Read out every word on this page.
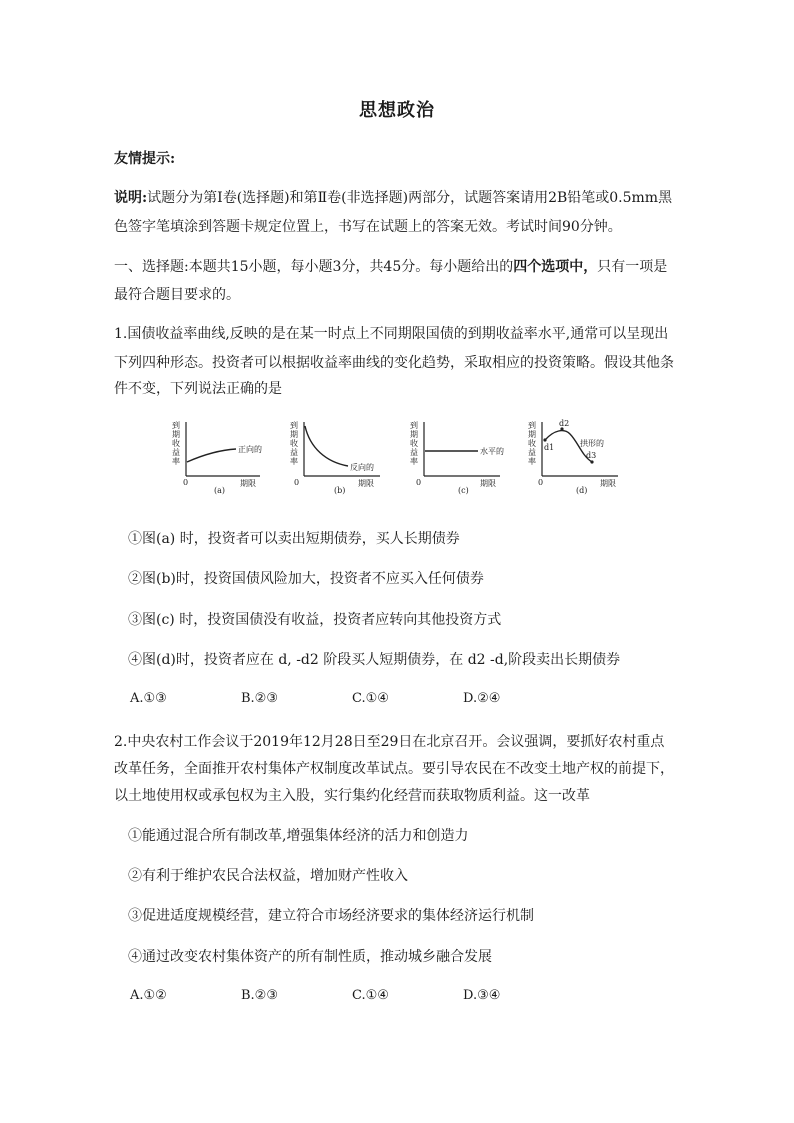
思想政治
友情提示:
说明:试题分为第Ⅰ卷(选择题)和第Ⅱ卷(非选择题)两部分，试题答案请用2B铅笔或0.5mm黑
色签字笔填涂到答题卡规定位置上，书写在试题上的答案无效。考试时间90分钟。
一、选择题:本题共15小题，每小题3分，共45分。每小题给出的四个选项中，只有一项是
最符合题目要求的。
1.国债收益率曲线,反映的是在某一时点上不同期限国债的到期收益率水平,通常可以呈现出
下列四种形态。投资者可以根据收益率曲线的变化趋势，采取相应的投资策略。假设其他条
件不变，下列说法正确的是
到
期
收
益
率
正向的
0	期限
(a)
到
期
收
益
率
反向的
0	期限
(b)
到
期
收
益
率
水平的
0	期限
(c)
到
期
收
益
率
d1
d2
d3
拱形的
0	期限
(d)
①图(a) 时，投资者可以卖出短期债券，买人长期债券
②图(b)时，投资国债风险加大，投资者不应买入任何债券
③图(c) 时，投资国债没有收益，投资者应转向其他投资方式
④图(d)时，投资者应在 d, -d2 阶段买人短期债券，在 d2 -d,阶段卖出长期债券
A.①③	B.②③	C.①④	D.②④
2.中央农村工作会议于2019年12月28日至29日在北京召开。会议强调，要抓好农村重点
改革任务，全面推开农村集体产权制度改革试点。要引导农民在不改变土地产权的前提下，
以土地使用权或承包权为主入股，实行集约化经营而获取物质利益。这一改革
①能通过混合所有制改革,增强集体经济的活力和创造力
②有利于维护农民合法权益，增加财产性收入
③促进适度规模经营，建立符合市场经济要求的集体经济运行机制
④通过改变农村集体资产的所有制性质，推动城乡融合发展
A.①②	B.②③	C.①④	D.③④
